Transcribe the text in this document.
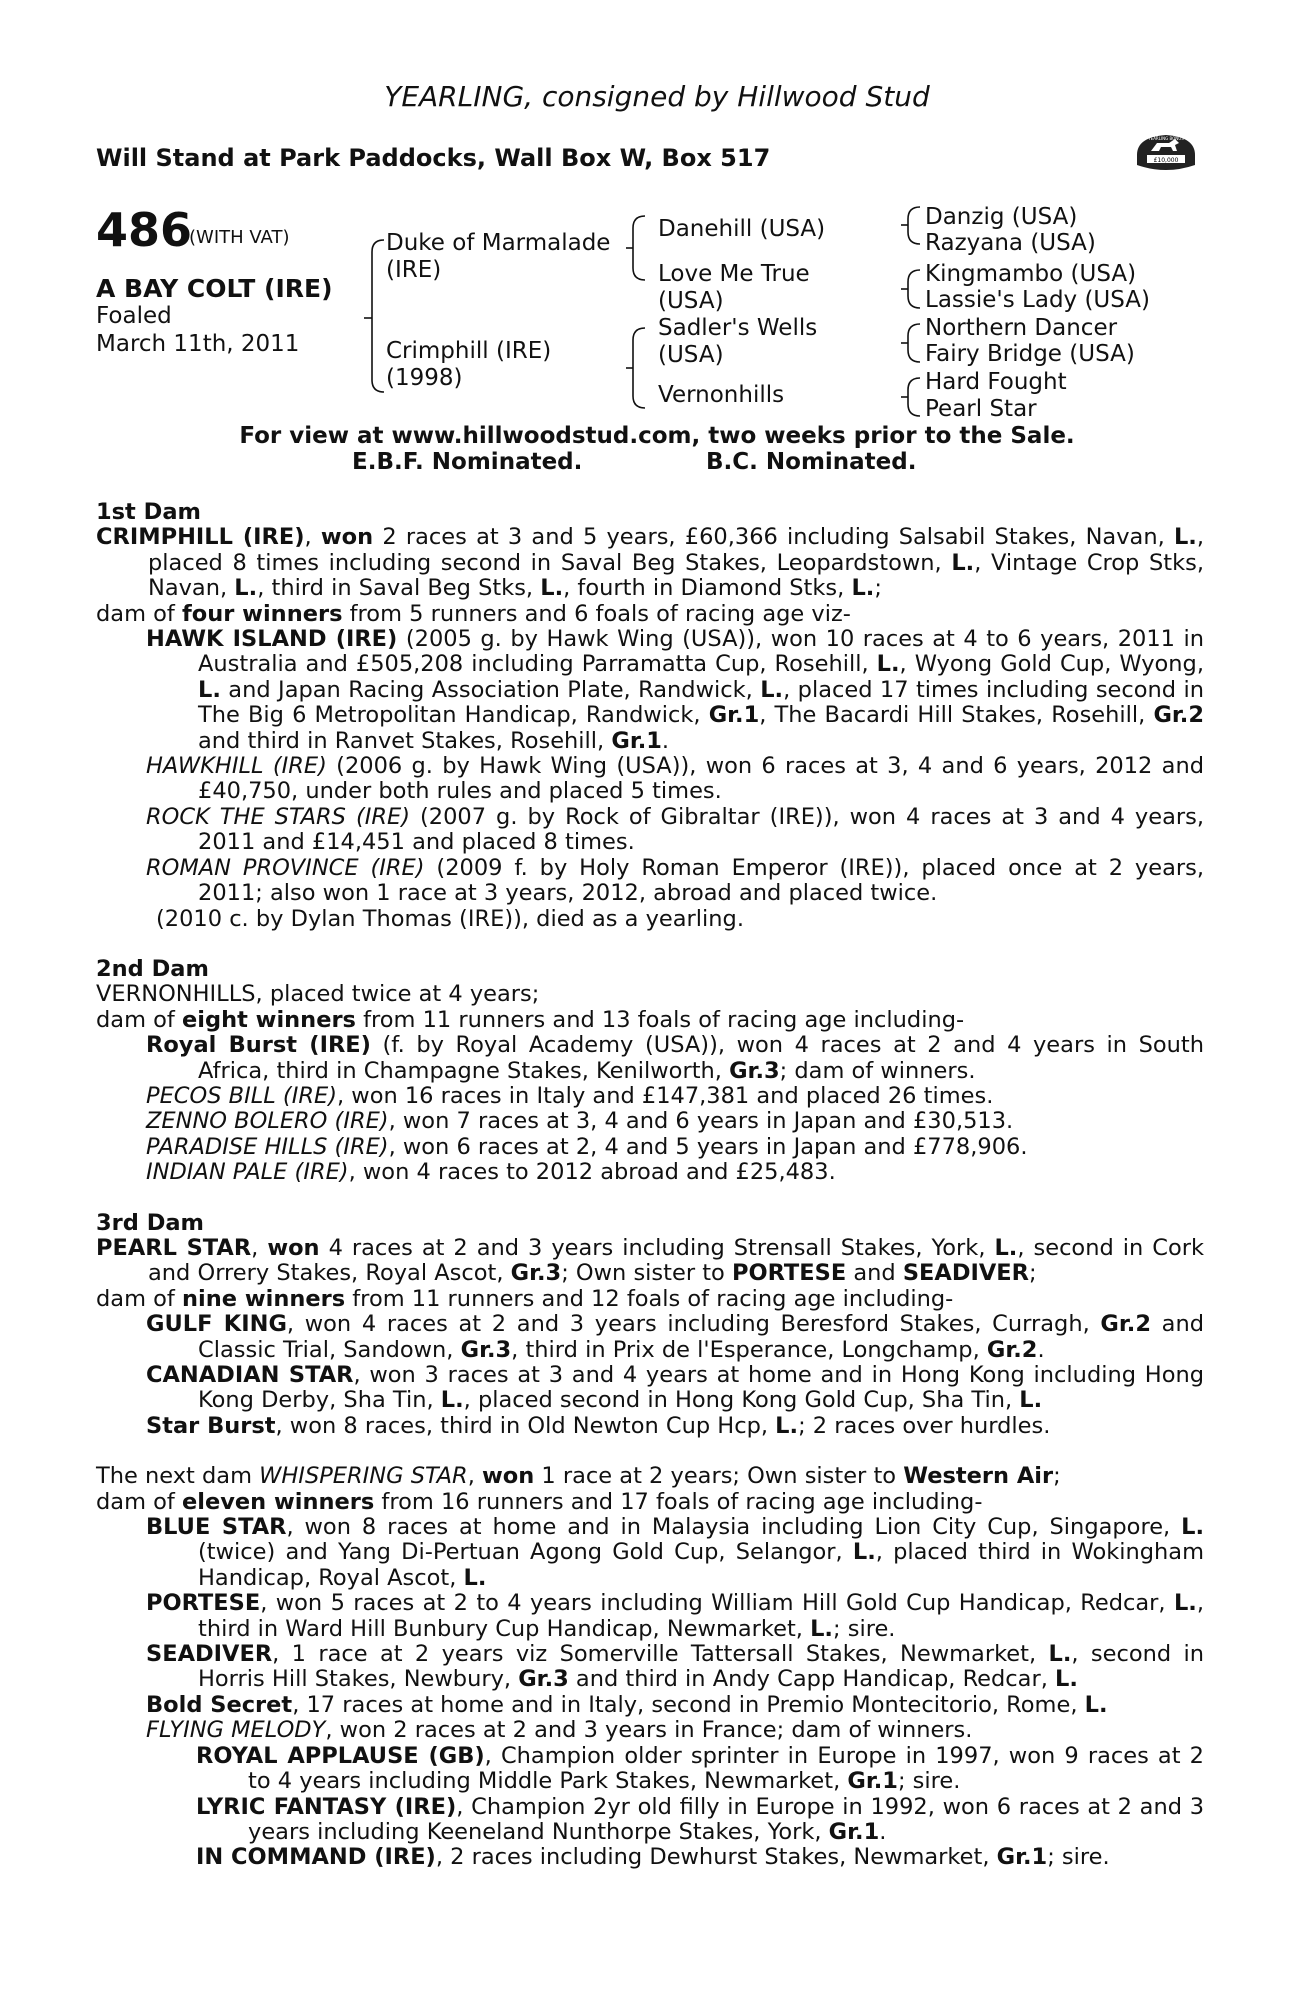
YEARLING, consigned by Hillwood Stud
Will Stand at Park Paddocks, Wall Box W, Box 517	£10,000
YEARLING BONUS
486
(WITH VAT)
A BAY COLT (IRE)
Foaled
March 11th, 2011
Duke of Marmalade
(IRE)
Crimphill (IRE)
(1998)
Danehill (USA)
Love Me True
(USA)
Sadler's Wells
(USA)
Vernonhills
Danzig (USA)
Razyana (USA)
Kingmambo (USA)
Lassie's Lady (USA)
Northern Dancer
Fairy Bridge (USA)
Hard Fought
Pearl Star
For view at www.hillwoodstud.com, two weeks prior to the Sale.
E.B.F. Nominated.	B.C. Nominated.

1st Dam

CRIMPHILL (IRE), won 2 races at 3 and 5 years, £60,366 including Salsabil Stakes, Navan, L., placed 8 times including second in Saval Beg Stakes, Leopardstown, L., Vintage Crop Stks, Navan, L., third in Saval Beg Stks, L., fourth in Diamond Stks, L.;

dam of four winners from 5 runners and 6 foals of racing age viz-

HAWK ISLAND (IRE) (2005 g. by Hawk Wing (USA)), won 10 races at 4 to 6 years, 2011 in Australia and £505,208 including Parramatta Cup, Rosehill, L., Wyong Gold Cup, Wyong, L. and Japan Racing Association Plate, Randwick, L., placed 17 times including second in The Big 6 Metropolitan Handicap, Randwick, Gr.1, The Bacardi Hill Stakes, Rosehill, Gr.2 and third in Ranvet Stakes, Rosehill, Gr.1.

HAWKHILL (IRE) (2006 g. by Hawk Wing (USA)), won 6 races at 3, 4 and 6 years, 2012 and £40,750, under both rules and placed 5 times.

ROCK THE STARS (IRE) (2007 g. by Rock of Gibraltar (IRE)), won 4 races at 3 and 4 years, 2011 and £14,451 and placed 8 times.

ROMAN PROVINCE (IRE) (2009 f. by Holy Roman Emperor (IRE)), placed once at 2 years, 2011; also won 1 race at 3 years, 2012, abroad and placed twice.

(2010 c. by Dylan Thomas (IRE)), died as a yearling.

2nd Dam

VERNONHILLS, placed twice at 4 years;

dam of eight winners from 11 runners and 13 foals of racing age including-

Royal Burst (IRE) (f. by Royal Academy (USA)), won 4 races at 2 and 4 years in South Africa, third in Champagne Stakes, Kenilworth, Gr.3; dam of winners.

PECOS BILL (IRE), won 16 races in Italy and £147,381 and placed 26 times.

ZENNO BOLERO (IRE), won 7 races at 3, 4 and 6 years in Japan and £30,513.

PARADISE HILLS (IRE), won 6 races at 2, 4 and 5 years in Japan and £778,906.

INDIAN PALE (IRE), won 4 races to 2012 abroad and £25,483.

3rd Dam

PEARL STAR, won 4 races at 2 and 3 years including Strensall Stakes, York, L., second in Cork and Orrery Stakes, Royal Ascot, Gr.3; Own sister to PORTESE and SEADIVER;

dam of nine winners from 11 runners and 12 foals of racing age including-

GULF KING, won 4 races at 2 and 3 years including Beresford Stakes, Curragh, Gr.2 and Classic Trial, Sandown, Gr.3, third in Prix de l'Esperance, Longchamp, Gr.2.

CANADIAN STAR, won 3 races at 3 and 4 years at home and in Hong Kong including Hong Kong Derby, Sha Tin, L., placed second in Hong Kong Gold Cup, Sha Tin, L.

Star Burst, won 8 races, third in Old Newton Cup Hcp, L.; 2 races over hurdles.

The next dam WHISPERING STAR, won 1 race at 2 years; Own sister to Western Air;

dam of eleven winners from 16 runners and 17 foals of racing age including-

BLUE STAR, won 8 races at home and in Malaysia including Lion City Cup, Singapore, L. (twice) and Yang Di-Pertuan Agong Gold Cup, Selangor, L., placed third in Wokingham Handicap, Royal Ascot, L.

PORTESE, won 5 races at 2 to 4 years including William Hill Gold Cup Handicap, Redcar, L., third in Ward Hill Bunbury Cup Handicap, Newmarket, L.; sire.

SEADIVER, 1 race at 2 years viz Somerville Tattersall Stakes, Newmarket, L., second in Horris Hill Stakes, Newbury, Gr.3 and third in Andy Capp Handicap, Redcar, L.

Bold Secret, 17 races at home and in Italy, second in Premio Montecitorio, Rome, L.

FLYING MELODY, won 2 races at 2 and 3 years in France; dam of winners.

ROYAL APPLAUSE (GB), Champion older sprinter in Europe in 1997, won 9 races at 2 to 4 years including Middle Park Stakes, Newmarket, Gr.1; sire.

LYRIC FANTASY (IRE), Champion 2yr old filly in Europe in 1992, won 6 races at 2 and 3 years including Keeneland Nunthorpe Stakes, York, Gr.1.

IN COMMAND (IRE), 2 races including Dewhurst Stakes, Newmarket, Gr.1; sire.
